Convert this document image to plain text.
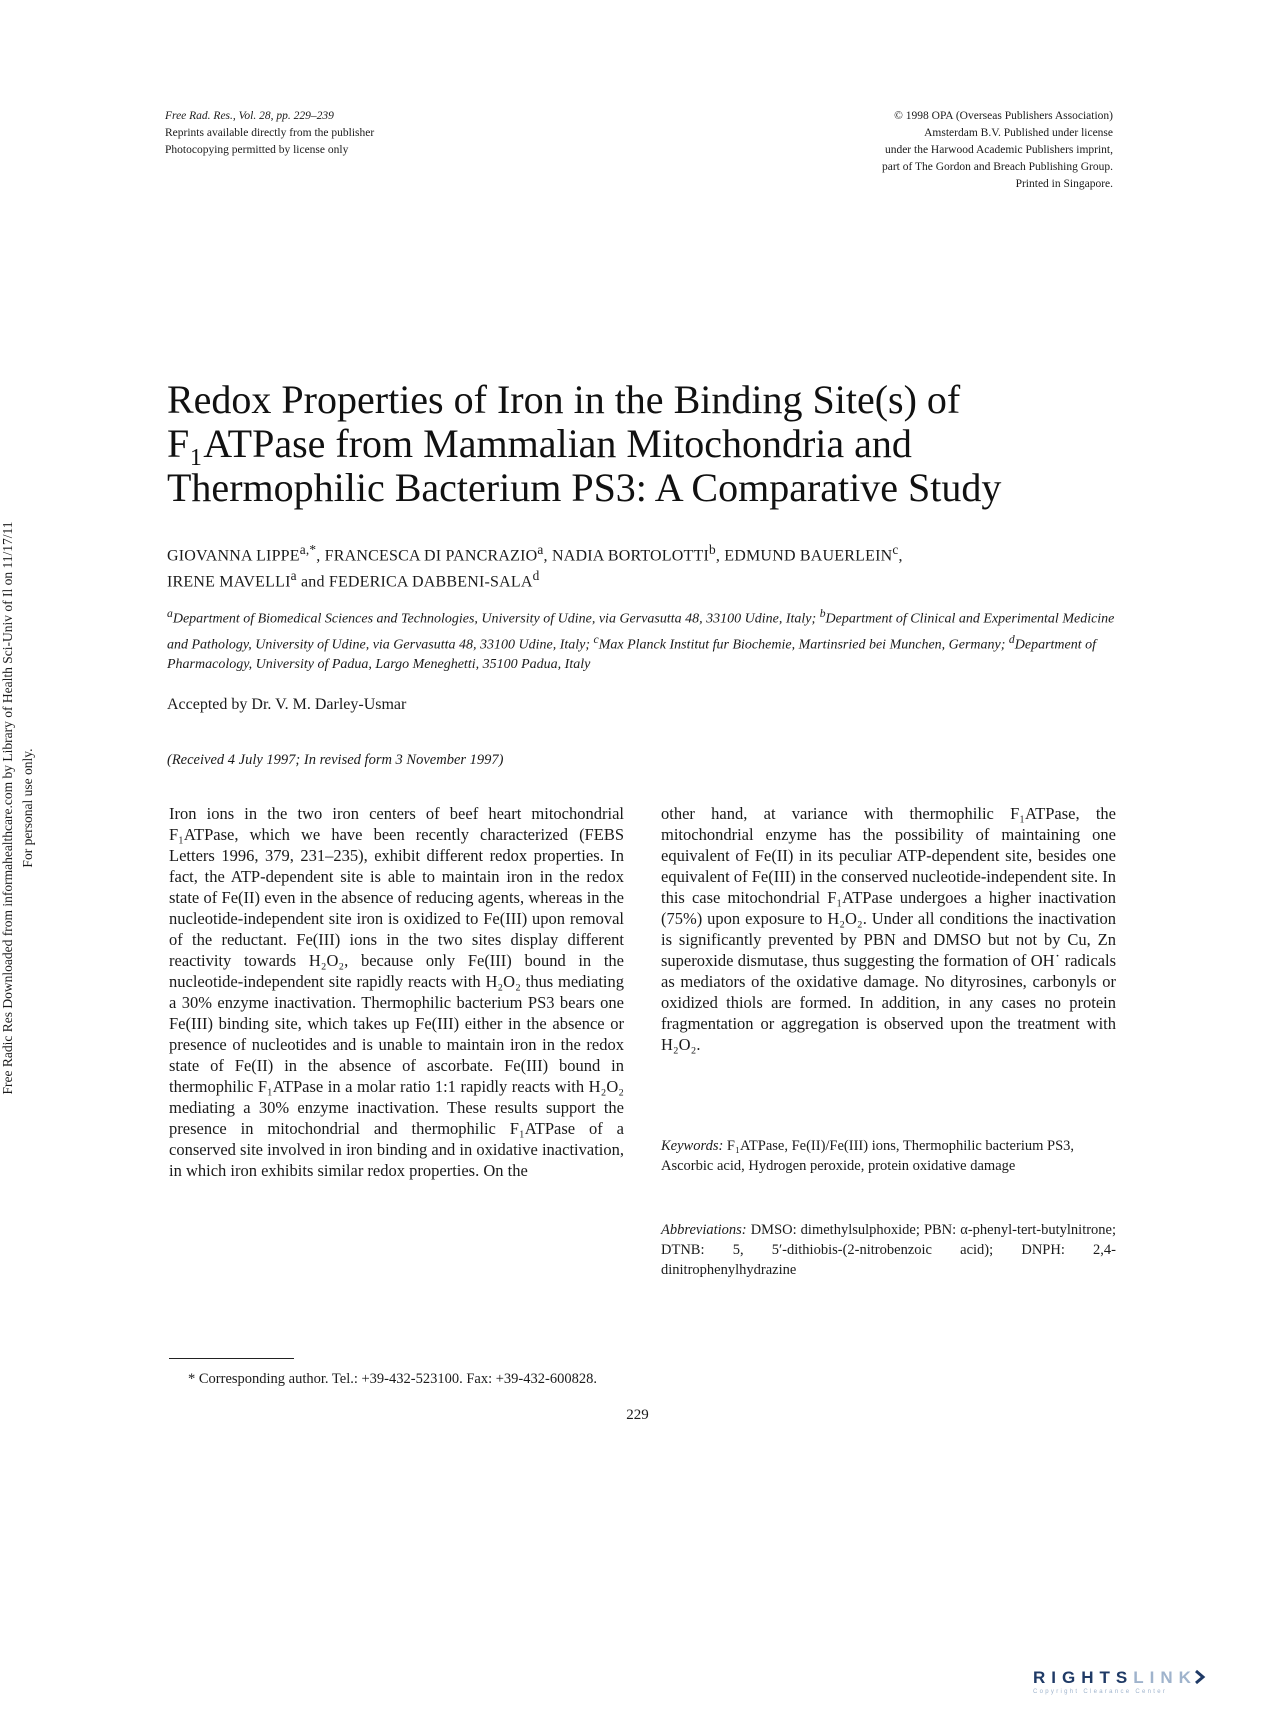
Free Rad. Res., Vol. 28, pp. 229–239
Reprints available directly from the publisher
Photocopying permitted by license only
© 1998 OPA (Overseas Publishers Association)
Amsterdam B.V. Published under license
under the Harwood Academic Publishers imprint,
part of The Gordon and Breach Publishing Group.
Printed in Singapore.
Free Radic Res Downloaded from informahealthcare.com by Library of Health Sci-Univ of Il on 11/17/11 For personal use only.
Redox Properties of Iron in the Binding Site(s) of
F₁ATPase from Mammalian Mitochondria and
Thermophilic Bacterium PS3: A Comparative Study
GIOVANNA $LIPPE^{a,*}$, FRANCESCA DI PANCRAZIO$^a$, NADIA BORTOLOTTI$^b$, EDMUND BAUERLEIN$^c$,
IRENE MAVELLI$^a$ and FEDERICA DABBENI-SALA$^d$
$^a$Department of Biomedical Sciences and Technologies, University of Udine, via Gervasutta 48, 33100 Udine, Italy; $^b$Department of Clinical and Experimental Medicine and Pathology, University of Udine, via Gervasutta 48, 33100 Udine, Italy; $^c$Max Planck Institut fur Biochemie, Martinsried bei Munchen, Germany; $^d$Department of Pharmacology, University of Padua, Largo Meneghetti, 35100 Padua, Italy
Accepted by Dr. V. M. Darley-Usmar
(Received 4 July 1997; In revised form 3 November 1997)
Iron ions in the two iron centers of beef heart mitochondrial F₁ATPase, which we have been recently characterized (FEBS Letters 1996, 379, 231–235), exhibit different redox properties. In fact, the ATP-dependent site is able to maintain iron in the redox state of Fe(II) even in the absence of reducing agents, whereas in the nucleotide-independent site iron is oxidized to Fe(III) upon removal of the reductant. Fe(III) ions in the two sites display different reactivity towards H₂O₂, because only Fe(III) bound in the nucleotide-independent site rapidly reacts with H₂O₂ thus mediating a 30% enzyme inactivation. Thermophilic bacterium PS3 bears one Fe(III) binding site, which takes up Fe(III) either in the absence or presence of nucleotides and is unable to maintain iron in the redox state of Fe(II) in the absence of ascorbate. Fe(III) bound in thermophilic F₁ATPase in a molar ratio 1:1 rapidly reacts with H₂O₂ mediating a 30% enzyme inactivation. These results support the presence in mitochondrial and thermophilic F₁ATPase of a conserved site involved in iron binding and in oxidative inactivation, in which iron exhibits similar redox properties. On the
other hand, at variance with thermophilic F₁ATPase, the mitochondrial enzyme has the possibility of maintaining one equivalent of Fe(II) in its peculiar ATP-dependent site, besides one equivalent of Fe(III) in the conserved nucleotide-independent site. In this case mitochondrial F₁ATPase undergoes a higher inactivation (75%) upon exposure to H₂O₂. Under all conditions the inactivation is significantly prevented by PBN and DMSO but not by Cu, Zn superoxide dismutase, thus suggesting the formation of OH˙ radicals as mediators of the oxidative damage. No dityrosines, carbonyls or oxidized thiols are formed. In addition, in any cases no protein fragmentation or aggregation is observed upon the treatment with H₂O₂.
Keywords: F₁ATPase, Fe(II)/Fe(III) ions, Thermophilic bacterium PS3, Ascorbic acid, Hydrogen peroxide, protein oxidative damage
Abbreviations: DMSO: dimethylsulphoxide; PBN: α-phenyl-tert-butylnitrone; DTNB: 5, 5′-dithiobis-(2-nitrobenzoic acid); DNPH: 2,4-dinitrophenylhydrazine
* Corresponding author. Tel.: +39-432-523100. Fax: +39-432-600828.
229
RIGHTSLINK
Copyright Clearance Center
